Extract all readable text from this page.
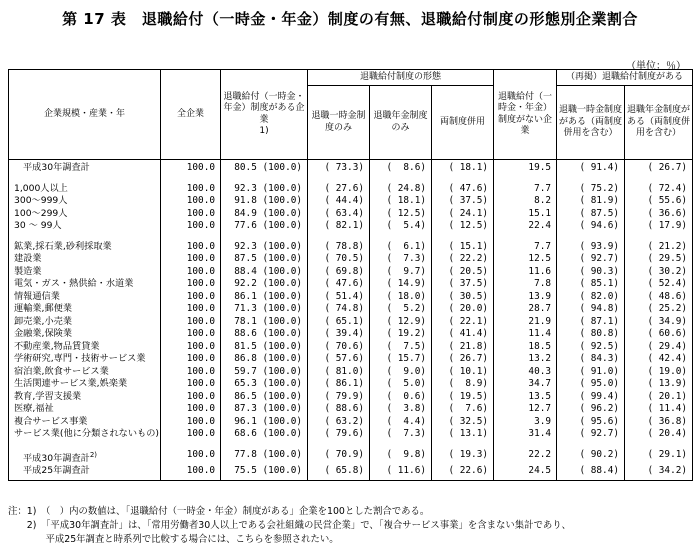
第 17 表　退職給付（一時金・年金）制度の有無、退職給付制度の形態別企業割合
（単位：％）
企業規模・産業・年	全企業	退職給付（一時金・年金）制度がある企業
1)	退職給付制度の形態			退職給付（一時金・年金）制度がない企業	（再掲）退職給付制度がある	
			退職一時金制度のみ	退職年金制度のみ	両制度併用		退職一時金制度がある（両制度併用を含む）	退職年金制度がある（両制度併用を含む）

平成30年調査計	100.0	80.5 (100.0)	( 73.3)	(  8.6)	( 18.1)	19.5	( 91.4)	( 26.7)

1,000人以上	100.0	92.3 (100.0)	( 27.6)	( 24.8)	( 47.6)	7.7	( 75.2)	( 72.4)
300～999人	100.0	91.8 (100.0)	( 44.4)	( 18.1)	( 37.5)	8.2	( 81.9)	( 55.6)
100～299人	100.0	84.9 (100.0)	( 63.4)	( 12.5)	( 24.1)	15.1	( 87.5)	( 36.6)
30 ～ 99人	100.0	77.6 (100.0)	( 82.1)	(  5.4)	( 12.5)	22.4	( 94.6)	( 17.9)

鉱業,採石業,砂利採取業	100.0	92.3 (100.0)	( 78.8)	(  6.1)	( 15.1)	7.7	( 93.9)	( 21.2)
建設業	100.0	87.5 (100.0)	( 70.5)	(  7.3)	( 22.2)	12.5	( 92.7)	( 29.5)
製造業	100.0	88.4 (100.0)	( 69.8)	(  9.7)	( 20.5)	11.6	( 90.3)	( 30.2)
電気・ガス・熱供給・水道業	100.0	92.2 (100.0)	( 47.6)	( 14.9)	( 37.5)	7.8	( 85.1)	( 52.4)
情報通信業	100.0	86.1 (100.0)	( 51.4)	( 18.0)	( 30.5)	13.9	( 82.0)	( 48.6)
運輸業,郵便業	100.0	71.3 (100.0)	( 74.8)	(  5.2)	( 20.0)	28.7	( 94.8)	( 25.2)
卸売業,小売業	100.0	78.1 (100.0)	( 65.1)	( 12.9)	( 22.1)	21.9	( 87.1)	( 34.9)
金融業,保険業	100.0	88.6 (100.0)	( 39.4)	( 19.2)	( 41.4)	11.4	( 80.8)	( 60.6)
不動産業,物品賃貸業	100.0	81.5 (100.0)	( 70.6)	(  7.5)	( 21.8)	18.5	( 92.5)	( 29.4)
学術研究,専門・技術サービス業	100.0	86.8 (100.0)	( 57.6)	( 15.7)	( 26.7)	13.2	( 84.3)	( 42.4)
宿泊業,飲食サービス業	100.0	59.7 (100.0)	( 81.0)	(  9.0)	( 10.1)	40.3	( 91.0)	( 19.0)
生活関連サービス業,娯楽業	100.0	65.3 (100.0)	( 86.1)	(  5.0)	(  8.9)	34.7	( 95.0)	( 13.9)
教育,学習支援業	100.0	86.5 (100.0)	( 79.9)	(  0.6)	( 19.5)	13.5	( 99.4)	( 20.1)
医療,福祉	100.0	87.3 (100.0)	( 88.6)	(  3.8)	(  7.6)	12.7	( 96.2)	( 11.4)
複合サービス事業	100.0	96.1 (100.0)	( 63.2)	(  4.4)	( 32.5)	3.9	( 95.6)	( 36.8)
サービス業(他に分類されないもの)	100.0	68.6 (100.0)	( 79.6)	(  7.3)	( 13.1)	31.4	( 92.7)	( 20.4)

平成30年調査計$^{2)}$	100.0	77.8 (100.0)	( 70.9)	(  9.8)	( 19.3)	22.2	( 90.2)	( 29.1)
平成25年調査計	100.0	75.5 (100.0)	( 65.8)	( 11.6)	( 22.6)	24.5	( 88.4)	( 34.2)
注：1)　（　）内の数値は、「退職給付（一時金・年金）制度がある」企業を100とした割合である。
　　2)　「平成30年調査計」は、「常用労働者30人以上である会社組織の民営企業」で、「複合サービス事業」を含まない集計であり、
　　　　平成25年調査と時系列で比較する場合には、こちらを参照されたい。
